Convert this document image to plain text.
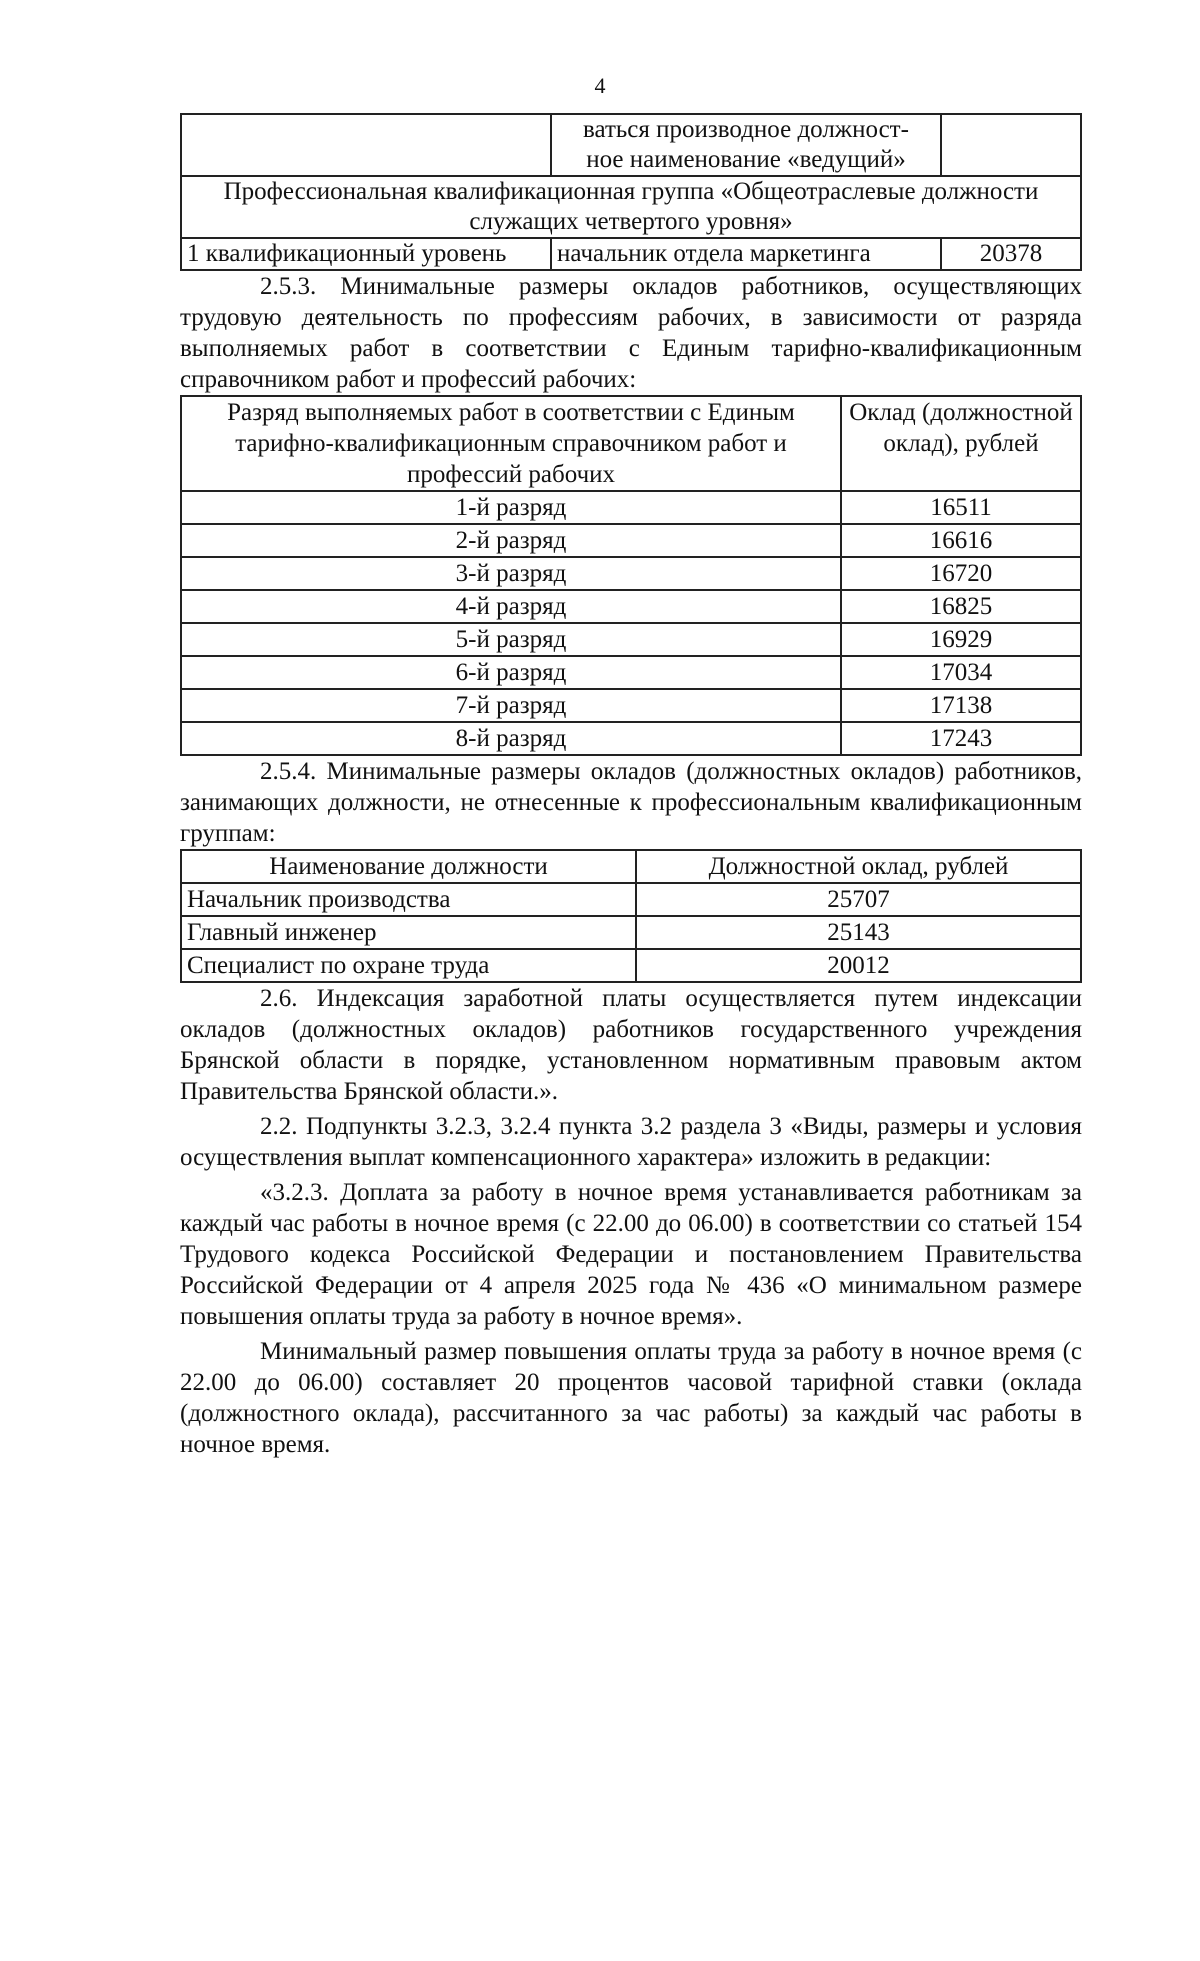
4
	ваться производное должност-
ное наименование «ведущий»	
Профессиональная квалификационная группа «Общеотраслевые должности служащих четвертого уровня»		
1 квалификационный уровень	начальник отдела маркетинга	20378

2.5.3. Минимальные размеры окладов работников, осуществляющих трудовую деятельность по профессиям рабочих, в зависимости от разряда выполняемых работ в соответствии с Единым тарифно-квалификационным справочником работ и профессий рабочих:

Разряд выполняемых работ в соответствии с Единым тарифно-квалификационным справочником работ и профессий рабочих	Оклад (должностной оклад), рублей
1-й разряд	16511
2-й разряд	16616
3-й разряд	16720
4-й разряд	16825
5-й разряд	16929
6-й разряд	17034
7-й разряд	17138
8-й разряд	17243

2.5.4. Минимальные размеры окладов (должностных окладов) работников, занимающих должности, не отнесенные к профессиональным квалификационным группам:

Наименование должности	Должностной оклад, рублей
Начальник производства	25707
Главный инженер	25143
Специалист по охране труда	20012

2.6. Индексация заработной платы осуществляется путем индексации окладов (должностных окладов) работников государственного учреждения Брянской области в порядке, установленном нормативным правовым актом Правительства Брянской области.».

2.2. Подпункты 3.2.3, 3.2.4 пункта 3.2 раздела 3 «Виды, размеры и условия осуществления выплат компенсационного характера» изложить в редакции:

«3.2.3. Доплата за работу в ночное время устанавливается работникам за каждый час работы в ночное время (с 22.00 до 06.00) в соответствии со статьей 154 Трудового кодекса Российской Федерации и постановлением Правительства Российской Федерации от 4 апреля 2025 года № 436 «О минимальном размере повышения оплаты труда за работу в ночное время».

Минимальный размер повышения оплаты труда за работу в ночное время (с 22.00 до 06.00) составляет 20 процентов часовой тарифной ставки (оклада (должностного оклада), рассчитанного за час работы) за каждый час работы в ночное время.
